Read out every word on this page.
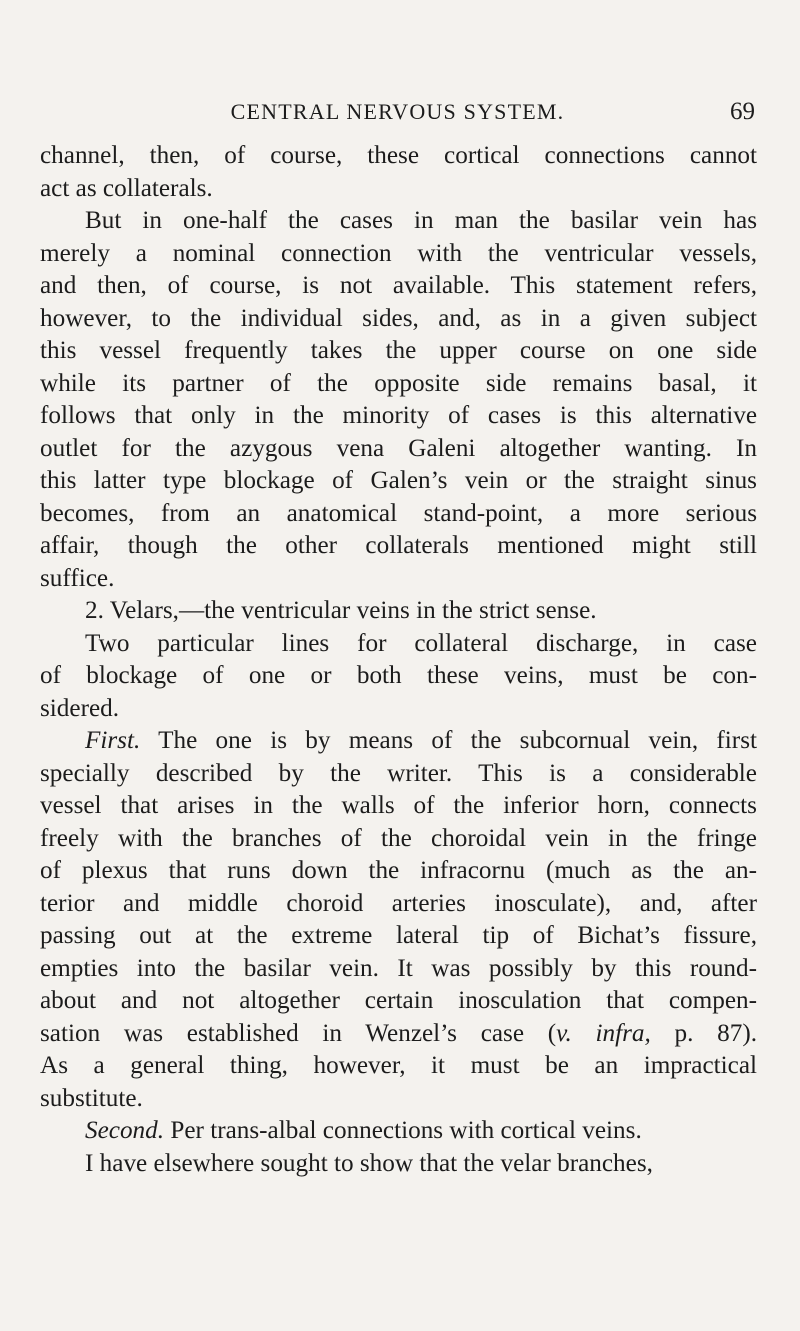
CENTRAL NERVOUS SYSTEM.	69
channel, then, of course, these cortical connections cannot
act as collaterals.
But in one-half the cases in man the basilar vein has
merely a nominal connection with the ventricular vessels,
and then, of course, is not available. This statement refers,
however, to the individual sides, and, as in a given subject
this vessel frequently takes the upper course on one side
while its partner of the opposite side remains basal, it
follows that only in the minority of cases is this alternative
outlet for the azygous vena Galeni altogether wanting. In
this latter type blockage of Galen’s vein or the straight sinus
becomes, from an anatomical stand-point, a more serious
affair, though the other collaterals mentioned might still
suffice.
2. Velars,—the ventricular veins in the strict sense.
Two particular lines for collateral discharge, in case
of blockage of one or both these veins, must be con-
sidered.
First. The one is by means of the subcornual vein, first
specially described by the writer. This is a considerable
vessel that arises in the walls of the inferior horn, connects
freely with the branches of the choroidal vein in the fringe
of plexus that runs down the infracornu (much as the an-
terior and middle choroid arteries inosculate), and, after
passing out at the extreme lateral tip of Bichat’s fissure,
empties into the basilar vein. It was possibly by this round-
about and not altogether certain inosculation that compen-
sation was established in Wenzel’s case (v. infra, p. 87).
As a general thing, however, it must be an impractical
substitute.
Second. Per trans-albal connections with cortical veins.
I have elsewhere sought to show that the velar branches,
